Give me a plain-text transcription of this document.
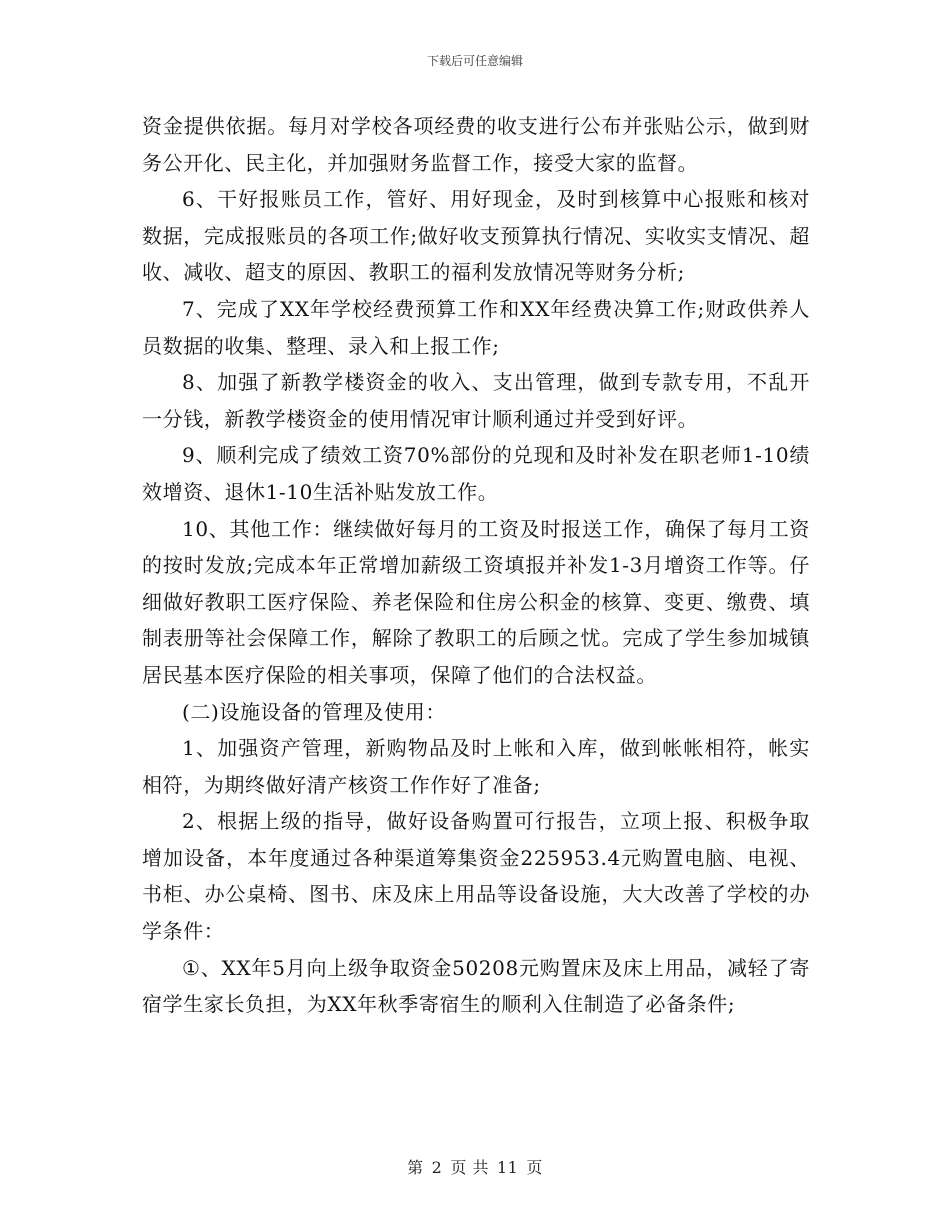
下载后可任意编辑

资金提供依据。每月对学校各项经费的收支进行公布并张贴公示，做到财务公开化、民主化，并加强财务监督工作，接受大家的监督。

6、干好报账员工作，管好、用好现金，及时到核算中心报账和核对数据，完成报账员的各项工作;做好收支预算执行情况、实收实支情况、超收、减收、超支的原因、教职工的福利发放情况等财务分析;

7、完成了XX年学校经费预算工作和XX年经费决算工作;财政供养人员数据的收集、整理、录入和上报工作;

8、加强了新教学楼资金的收入、支出管理，做到专款专用，不乱开一分钱，新教学楼资金的使用情况审计顺利通过并受到好评。

9、顺利完成了绩效工资70%部份的兑现和及时补发在职老师1-10绩效增资、退休1-10生活补贴发放工作。

10、其他工作：继续做好每月的工资及时报送工作，确保了每月工资的按时发放;完成本年正常增加薪级工资填报并补发1-3月增资工作等。仔细做好教职工医疗保险、养老保险和住房公积金的核算、变更、缴费、填制表册等社会保障工作，解除了教职工的后顾之忧。完成了学生参加城镇居民基本医疗保险的相关事项，保障了他们的合法权益。

(二)设施设备的管理及使用：

1、加强资产管理，新购物品及时上帐和入库，做到帐帐相符，帐实相符，为期终做好清产核资工作作好了准备;

2、根据上级的指导，做好设备购置可行报告，立项上报、积极争取增加设备，本年度通过各种渠道筹集资金225953.4元购置电脑、电视、书柜、办公桌椅、图书、床及床上用品等设备设施，大大改善了学校的办学条件：

①、XX年5月向上级争取资金50208元购置床及床上用品，减轻了寄宿学生家长负担，为XX年秋季寄宿生的顺利入住制造了必备条件;

第 2 页 共 11 页
